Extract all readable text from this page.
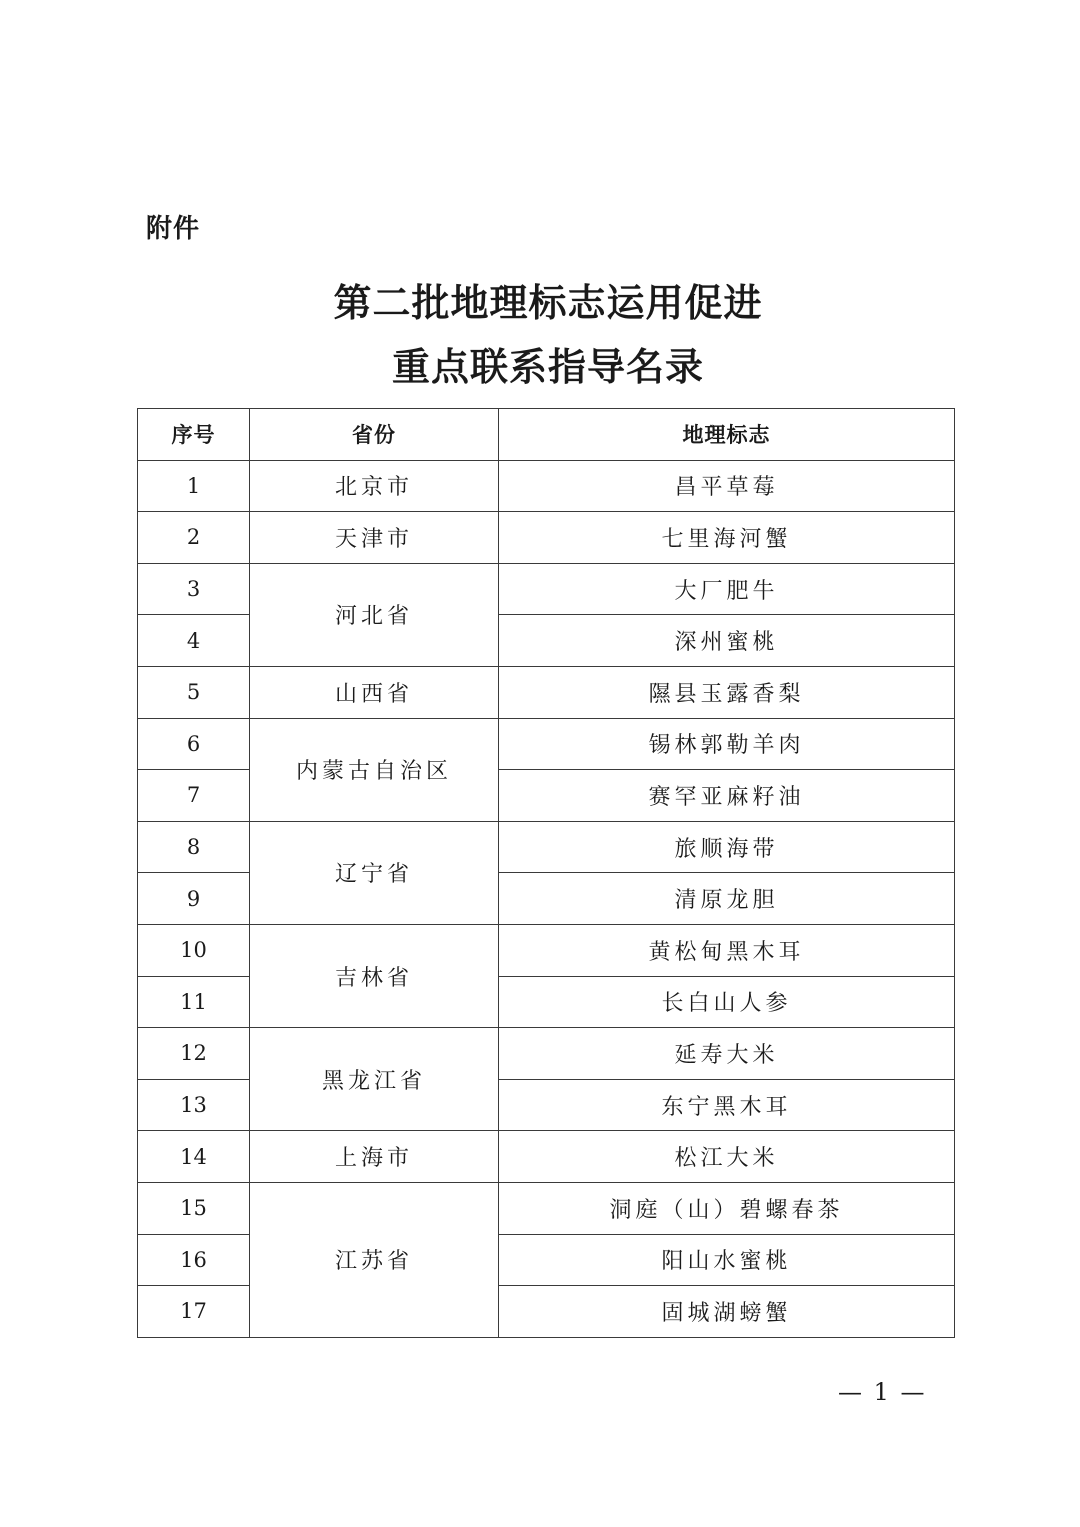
附件
第二批地理标志运用促进
重点联系指导名录
序号	省份	地理标志
1	北京市	昌平草莓
2	天津市	七里海河蟹
3	河北省	大厂肥牛
4		深州蜜桃
5	山西省	隰县玉露香梨
6	内蒙古自治区	锡林郭勒羊肉
7		赛罕亚麻籽油
8	辽宁省	旅顺海带
9		清原龙胆
10	吉林省	黄松甸黑木耳
11		长白山人参
12	黑龙江省	延寿大米
13		东宁黑木耳
14	上海市	松江大米
15	江苏省	洞庭（山）碧螺春茶
16		阳山水蜜桃
17		固城湖螃蟹
— 1 —
